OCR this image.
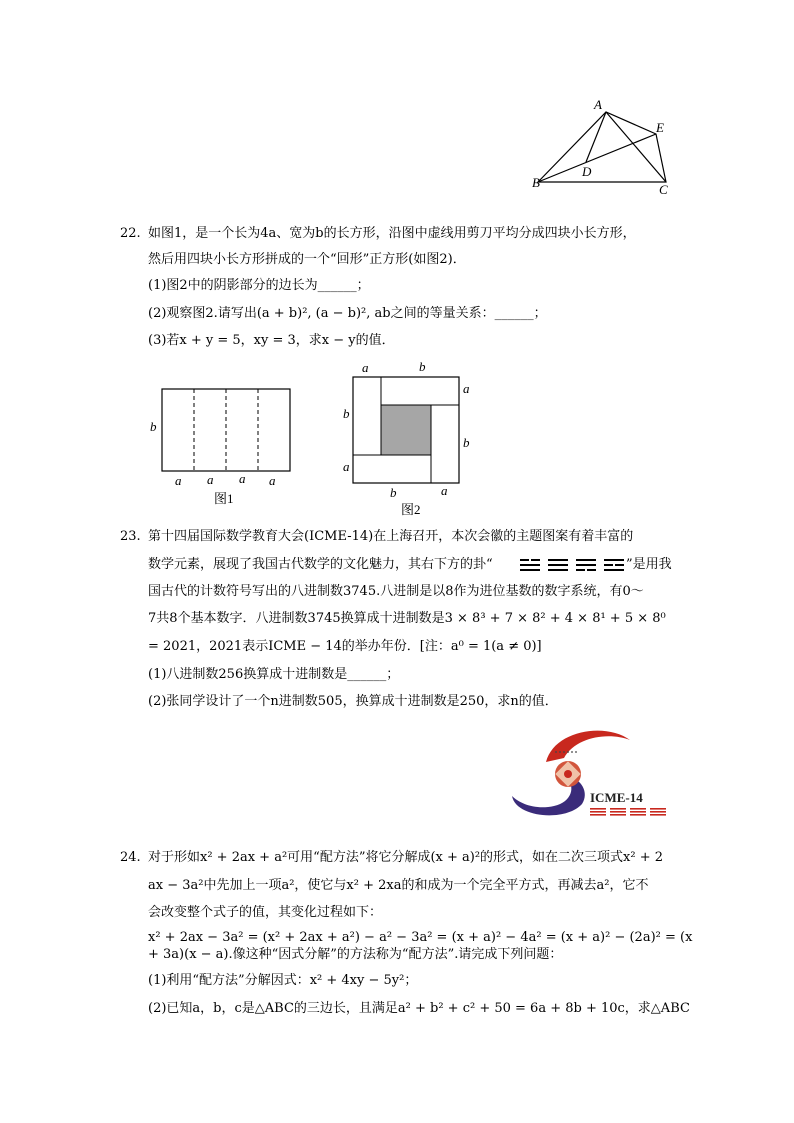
A
E
B
D
C
22. 如图1，是一个长为4a、宽为b的长方形，沿图中虚线用剪刀平均分成四块小长方形，
然后用四块小长方形拼成的一个“回形”正方形(如图2)．
(1)图2中的阴影部分的边长为______；
(2)观察图2.请写出(a + b)², (a − b)², ab之间的等量关系：______；
(3)若x + y = 5，xy = 3，求x − y的值．
b
a a a a
图1
a	b
a
b
b
a
b	a
图2
23. 第十四届国际数学教育大会(ICME-14)在上海召开，本次会徽的主题图案有着丰富的
数学元素，展现了我国古代数学的文化魅力，其右下方的卦“	”是用我
国古代的计数符号写出的八进制数3745.八进制是以8作为进位基数的数字系统，有0～
7共8个基本数字．八进制数3745换算成十进制数是3 × 8³ + 7 × 8² + 4 × 8¹ + 5 × 8⁰
= 2021，2021表示ICME − 14的举办年份．[注：a⁰ = 1(a ≠ 0)]
(1)八进制数256换算成十进制数是______；
(2)张同学设计了一个n进制数505，换算成十进制数是250，求n的值．
ICME-14
24. 对于形如x² + 2ax + a²可用“配方法”将它分解成(x + a)²的形式，如在二次三项式x² + 2
ax − 3a²中先加上一项a²，使它与x² + 2xa的和成为一个完全平方式，再减去a²，它不
会改变整个式子的值，其变化过程如下：
x² + 2ax − 3a² = (x² + 2ax + a²) − a² − 3a² = (x + a)² − 4a² = (x + a)² − (2a)² = (x
+ 3a)(x − a).像这种“因式分解”的方法称为“配方法”.请完成下列问题：
(1)利用“配方法”分解因式：x² + 4xy − 5y²；
(2)已知a，b，c是△ABC的三边长，且满足a² + b² + c² + 50 = 6a + 8b + 10c，求△ABC
